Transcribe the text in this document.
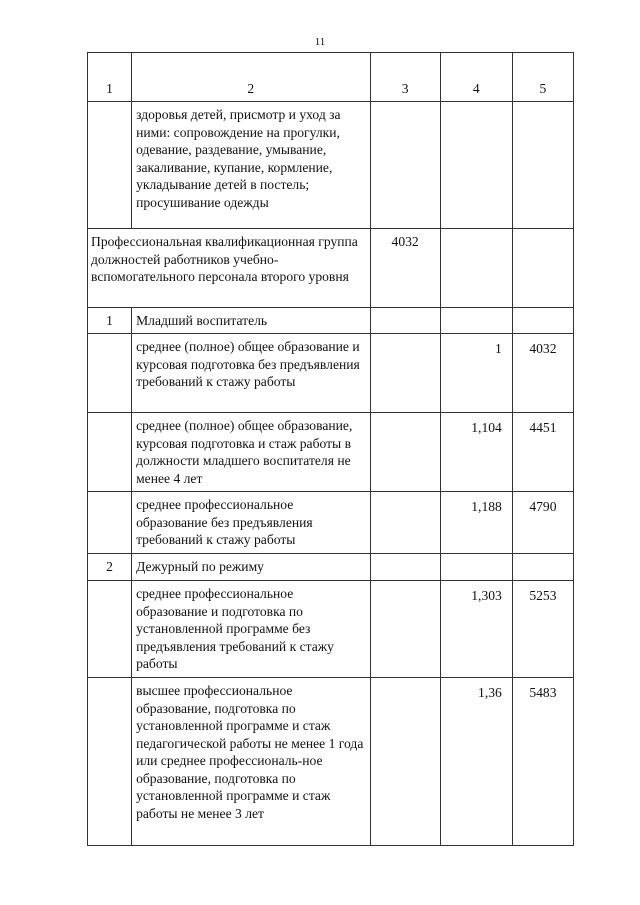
11
1	2	3	4	5
	здоровья детей, присмотр и уход за ними: сопровождение на прогулки, одевание, раздевание, умывание, закаливание, купание, кормление, укладывание детей в постель; просушивание одежды			
Профессиональная квалификационная группа должностей работников учебно-вспомогательного персонала второго уровня		4032		
1	Младший воспитатель			
	среднее (полное) общее образование и курсовая подготовка без предъявления требований к стажу работы		1	4032
	среднее (полное) общее образование, курсовая подготовка и стаж работы в должности младшего воспитателя не менее 4 лет		1,104	4451
	среднее профессиональное образование без предъявления требований к стажу работы		1,188	4790
2	Дежурный по режиму			
	среднее профессиональное образование и подготовка по установленной программе без предъявления требований к стажу работы		1,303	5253
	высшее профессиональное образование, подготовка по установленной программе и стаж педагогической работы не менее 1 года или среднее профессиональ-ное образование, подготовка по установленной программе и стаж работы не менее 3 лет		1,36	5483
